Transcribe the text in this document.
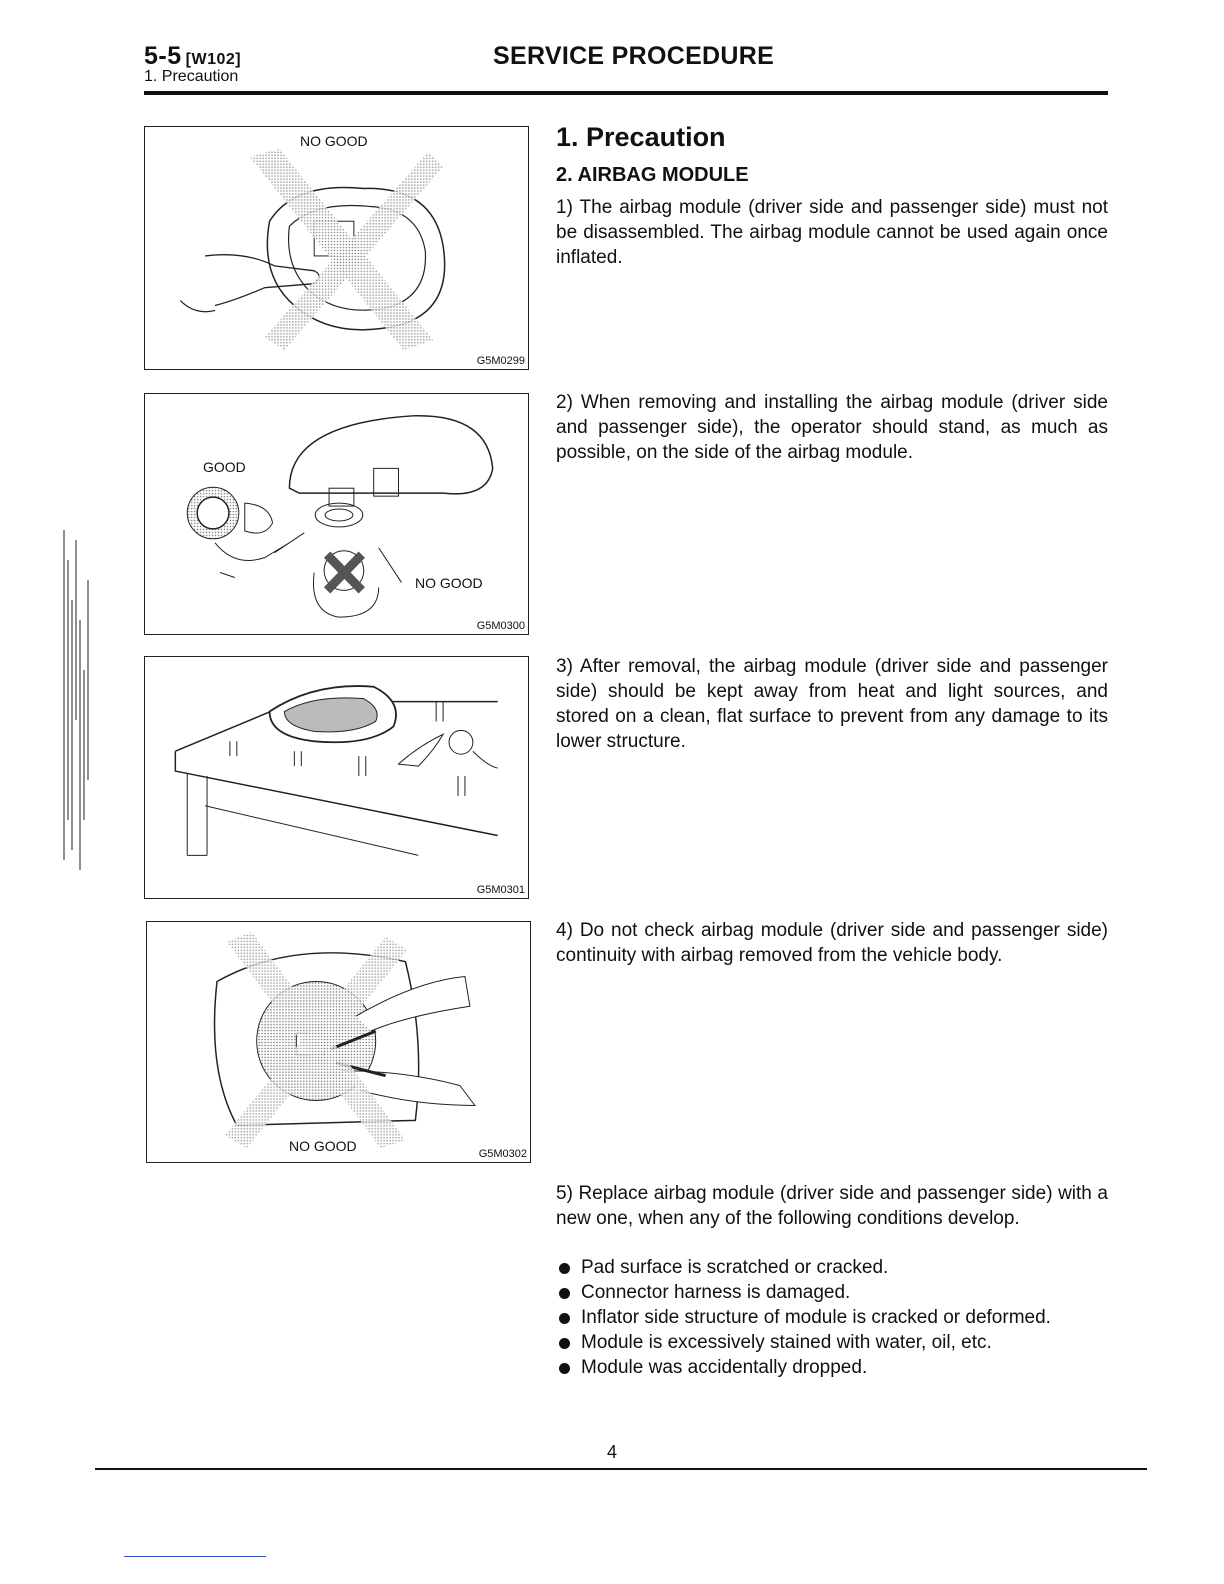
5-5 [W102]
1. Precaution
SERVICE PROCEDURE
NO GOOD
G5M0299
GOOD
NO GOOD
G5M0300
G5M0301
NO GOOD	G5M0302
1. Precaution
2. AIRBAG MODULE
1) The airbag module (driver side and passenger side) must not be disassembled. The airbag module cannot be used again once inflated.
2) When removing and installing the airbag module (driver side and passenger side), the operator should stand, as much as possible, on the side of the airbag module.
3) After removal, the airbag module (driver side and passenger side) should be kept away from heat and light sources, and stored on a clean, flat surface to prevent from any damage to its lower structure.
4) Do not check airbag module (driver side and passenger side) continuity with airbag removed from the vehicle body.
5) Replace airbag module (driver side and passenger side) with a new one, when any of the following conditions develop.
Pad surface is scratched or cracked.
Connector harness is damaged.
Inflator side structure of module is cracked or deformed.
Module is excessively stained with water, oil, etc.
Module was accidentally dropped.
4
